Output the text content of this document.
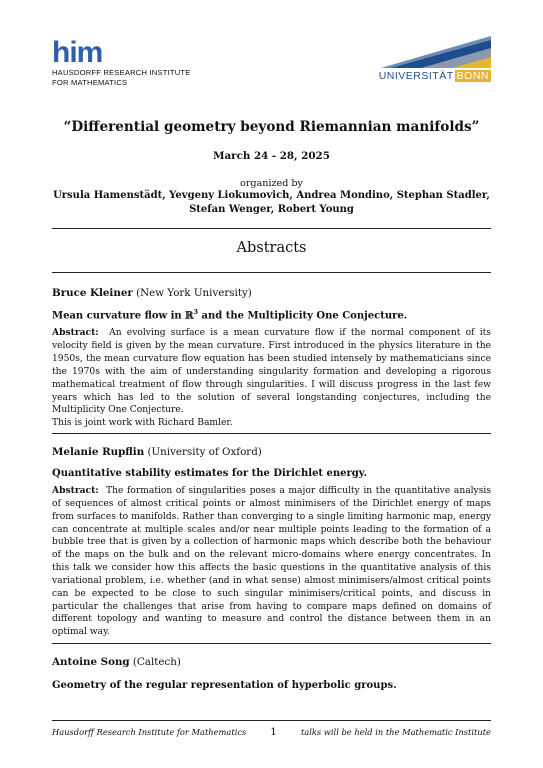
him
HAUSDORFF RESEARCH INSTITUTE
FOR MATHEMATICS
UNIVERSITÄT BONN
“Differential geometry beyond Riemannian manifolds”
March 24 - 28, 2025
organized by
Ursula Hamenstädt, Yevgeny Liokumovich, Andrea Mondino, Stephan Stadler, Stefan Wenger, Robert Young
Abstracts
Bruce Kleiner (New York University)
Mean curvature flow in ℝ$^3$ and the Multiplicity One Conjecture.
Abstract: An evolving surface is a mean curvature flow if the normal component of its velocity field is given by the mean curvature. First introduced in the physics literature in the 1950s, the mean curvature flow equation has been studied intensely by mathematicians since the 1970s with the aim of understanding singularity formation and developing a rigorous mathematical treatment of flow through singularities. I will discuss progress in the last few years which has led to the solution of several longstanding conjectures, including the Multiplicity One Conjecture.
This is joint work with Richard Bamler.
Melanie Rupflin (University of Oxford)
Quantitative stability estimates for the Dirichlet energy.
Abstract: The formation of singularities poses a major difficulty in the quantitative analysis of sequences of almost critical points or almost minimisers of the Dirichlet energy of maps from surfaces to manifolds. Rather than converging to a single limiting harmonic map, energy can concentrate at multiple scales and/or near multiple points leading to the formation of a bubble tree that is given by a collection of harmonic maps which describe both the behaviour of the maps on the bulk and on the relevant micro-domains where energy concentrates. In this talk we consider how this affects the basic questions in the quantitative analysis of this variational problem, i.e. whether (and in what sense) almost minimisers/almost critical points can be expected to be close to such singular minimisers/critical points, and discuss in particular the challenges that arise from having to compare maps defined on domains of different topology and wanting to measure and control the distance between them in an optimal way.
Antoine Song (Caltech)
Geometry of the regular representation of hyperbolic groups.
Hausdorff Research Institute for Mathematics 1	talks will be held in the Mathematic Institute
